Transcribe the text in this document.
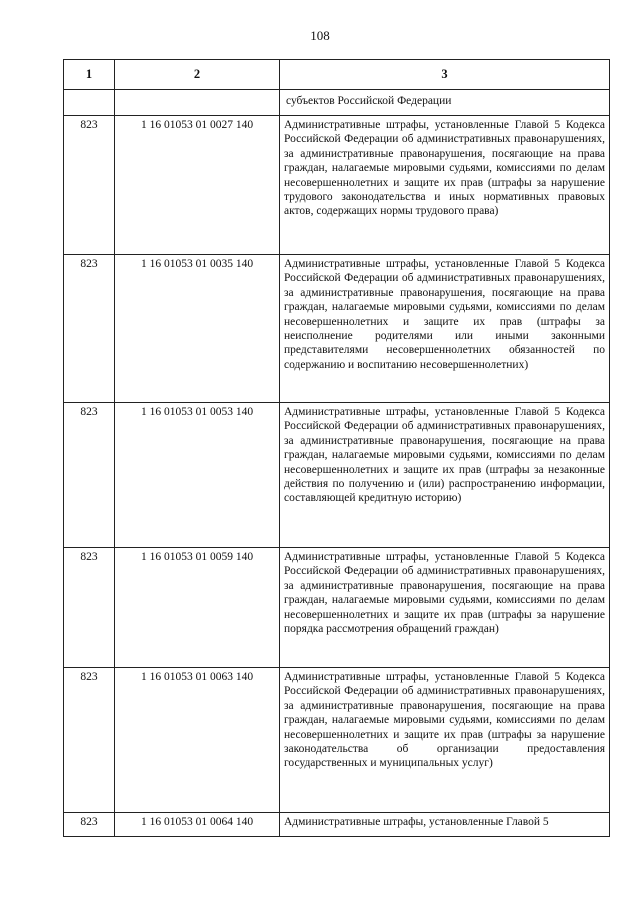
108
1	2	3
		субъектов Российской Федерации
823	1 16 01053 01 0027 140	Административные штрафы, установленные Главой 5 Кодекса Российской Федерации об административных правонарушениях, за административные правонарушения, посягающие на права граждан, налагаемые мировыми судьями, комиссиями по делам несовершеннолетних и защите их прав (штрафы за нарушение трудового законодательства и иных нормативных правовых актов, содержащих нормы трудового права)
823	1 16 01053 01 0035 140	Административные штрафы, установленные Главой 5 Кодекса Российской Федерации об административных правонарушениях, за административные правонарушения, посягающие на права граждан, налагаемые мировыми судьями, комиссиями по делам несовершеннолетних и защите их прав (штрафы за неисполнение родителями или иными законными представителями несовершеннолетних обязанностей по содержанию и воспитанию несовершеннолетних)
823	1 16 01053 01 0053 140	Административные штрафы, установленные Главой 5 Кодекса Российской Федерации об административных правонарушениях, за административные правонарушения, посягающие на права граждан, налагаемые мировыми судьями, комиссиями по делам несовершеннолетних и защите их прав (штрафы за незаконные действия по получению и (или) распространению информации, составляющей кредитную историю)
823	1 16 01053 01 0059 140	Административные штрафы, установленные Главой 5 Кодекса Российской Федерации об административных правонарушениях, за административные правонарушения, посягающие на права граждан, налагаемые мировыми судьями, комиссиями по делам несовершеннолетних и защите их прав (штрафы за нарушение порядка рассмотрения обращений граждан)
823	1 16 01053 01 0063 140	Административные штрафы, установленные Главой 5 Кодекса Российской Федерации об административных правонарушениях, за административные правонарушения, посягающие на права граждан, налагаемые мировыми судьями, комиссиями по делам несовершеннолетних и защите их прав (штрафы за нарушение законодательства об организации предоставления государственных и муниципальных услуг)
823	1 16 01053 01 0064 140	Административные штрафы, установленные Главой 5
